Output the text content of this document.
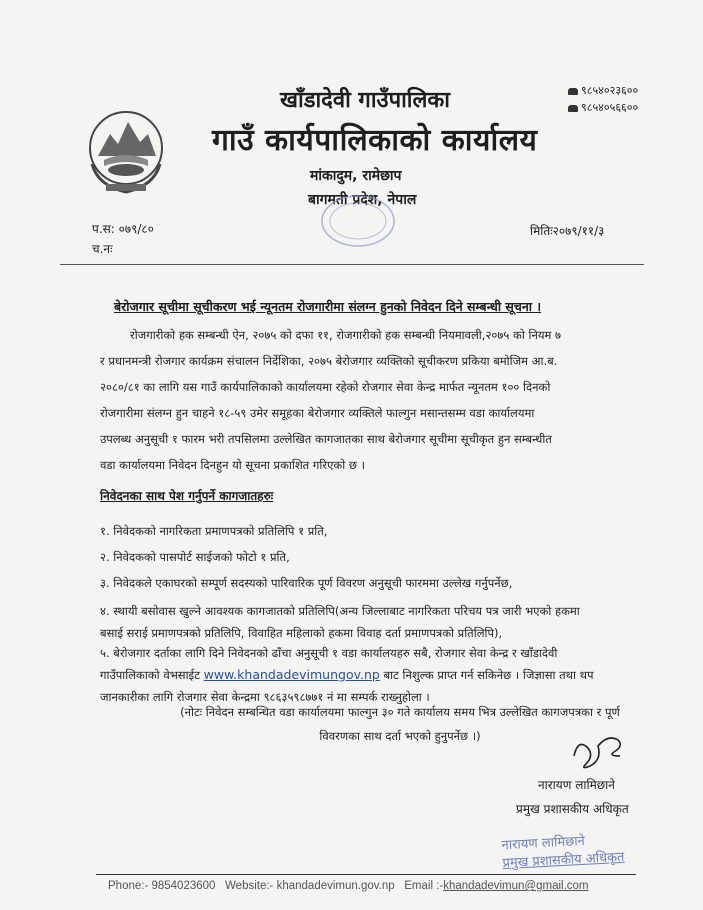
खाँडादेवी गाउँपालिका
गाउँ कार्यपालिकाको कार्यालय
मांकादुम, रामेछाप
बागमती प्रदेश, नेपाल
९८५४०२३६००
९८५४०५६६००
प.स: ०७९/८०
च.नः
मितिः२०७९/११/३
बेरोजगार सूचीमा सूचीकरण भई न्यूनतम रोजगारीमा संलग्न हुनको निवेदन दिने सम्बन्धी सूचना ।
रोजगारीको हक सम्बन्धी ऐन, २०७५ को दफा ११, रोजगारीको हक सम्बन्धी नियमावली,२०७५ को नियम ७
र प्रधानमन्त्री रोजगार कार्यक्रम संचालन निर्देशिका, २०७५ बेरोजगार व्यक्तिको सूचीकरण प्रकिया बमोजिम आ.ब.
२०८०/८१ का लागि यस गाउँ कार्यपालिकाको कार्यालयमा रहेको रोजगार सेवा केन्द्र मार्फत न्यूनतम १०० दिनको
रोजगारीमा संलग्न हुन चाहने १८-५९ उमेर समूहका बेरोजगार व्यक्तिले फाल्गुन मसान्तसम्म वडा कार्यालयमा
उपलब्ध अनुसूची १ फारम भरी तपसिलमा उल्लेखित कागजातका साथ बेरोजगार सूचीमा सूचीकृत हुन सम्बन्धीत
वडा कार्यालयमा निवेदन दिनहुन यो सूचना प्रकाशित गरिएको छ ।
निवेदनका साथ पेश गर्नुपर्ने कागजातहरुः
१. निवेदकको नागरिकता प्रमाणपत्रको प्रतिलिपि १ प्रति,
२. निवेदकको पासपोर्ट साईजको फोटो १ प्रति,
३. निवेदकले एकाघरको सम्पूर्ण सदस्यको पारिवारिक पूर्ण विवरण अनुसूची फारममा उल्लेख गर्नुपर्नेछ,
४. स्थायी बसोवास खुल्ने आवश्यक कागजातको प्रतिलिपि(अन्य जिल्लाबाट नागरिकता परिचय पत्र जारी भएको हकमा
बसाई सराई प्रमाणपत्रको प्रतिलिपि, विवाहित महिलाको हकमा विवाह दर्ता प्रमाणपत्रको प्रतिलिपि),
५. बेरोजगार दर्ताका लागि दिने निवेदनको ढाँचा अनुसूची १ वडा कार्यालयहरु सबै, रोजगार सेवा केन्द्र र खाँडादेवी
गाउँपालिकाको वेभसाईट www.khandadevimungov.np बाट निशुल्क प्राप्त गर्न सकिनेछ । जिज्ञासा तथा थप
जानकारीका लागि रोजगार सेवा केन्द्रमा ९८६३५९८७७१ नं मा सम्पर्क राख्नुहोला ।
(नोटः निवेदन सम्बन्धित वडा कार्यालयमा फाल्गुन ३० गते कार्यालय समय भित्र उल्लेखित कागजपत्रका र पूर्ण
विवरणका साथ दर्ता भएको हुनुपर्नेछ ।)
नारायण लामिछाने
प्रमुख प्रशासकीय अधिकृत
नारायण लामिछाने
प्रमुख प्रशासकीय अधिकृत
Phone:- 9854023600 Website:- khandadevimun.gov.np Email :-khandadevimun@gmail.com
